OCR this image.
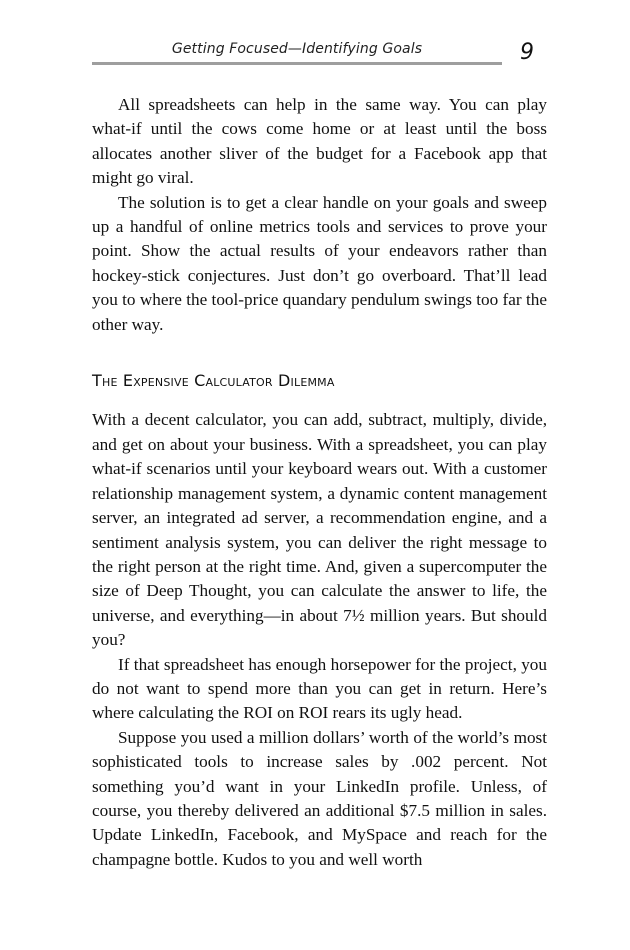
Getting Focused—Identifying Goals	9

All spreadsheets can help in the same way. You can play what-if until the cows come home or at least until the boss allocates another sliver of the budget for a Facebook app that might go viral.

The solution is to get a clear handle on your goals and sweep up a handful of online metrics tools and services to prove your point. Show the actual results of your endeavors rather than hockey-stick conjectures. Just don’t go overboard. That’ll lead you to where the tool-price quandary pendulum swings too far the other way.

The Expensive Calculator Dilemma

With a decent calculator, you can add, subtract, multiply, divide, and get on about your business. With a spreadsheet, you can play what-if scenarios until your keyboard wears out. With a customer relationship management system, a dynamic content management server, an integrated ad server, a recommendation engine, and a sentiment analysis system, you can deliver the right message to the right person at the right time. And, given a supercomputer the size of Deep Thought, you can calculate the answer to life, the universe, and everything—in about 7½ million years. But should you?

If that spreadsheet has enough horsepower for the project, you do not want to spend more than you can get in return. Here’s where calculating the ROI on ROI rears its ugly head.

Suppose you used a million dollars’ worth of the world’s most sophisticated tools to increase sales by .002 percent. Not something you’d want in your LinkedIn profile. Unless, of course, you thereby delivered an additional $7.5 million in sales. Update LinkedIn, Facebook, and MySpace and reach for the champagne bottle. Kudos to you and well worth
